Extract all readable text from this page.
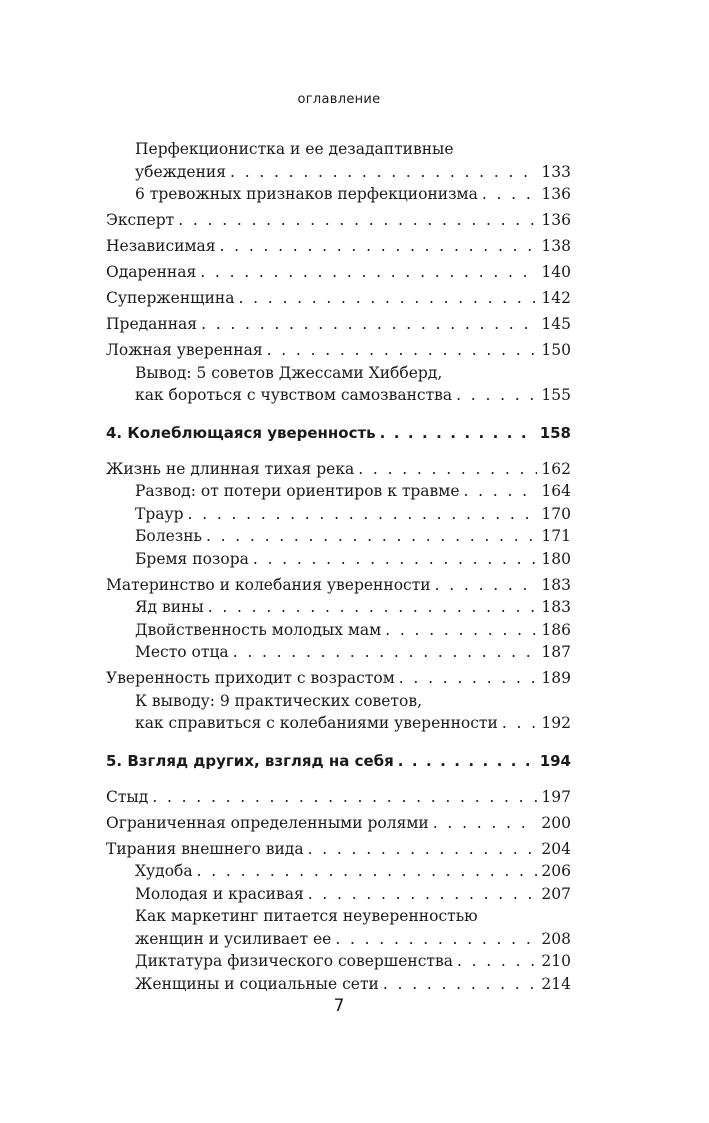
оглавление
Перфекционистка и ее дезадаптивные
убеждения . . .	133
6 тревожных признаков перфекционизма . . .	136
Эксперт . . .	136
Независимая . . .	138
Одаренная . . .	140
Суперженщина . . .	142
Преданная . . .	145
Ложная уверенная . . .	150
Вывод: 5 советов Джессами Хибберд,
как бороться с чувством самозванства . . .	155
4. Колеблющаяся уверенность . . .	158
Жизнь не длинная тихая река . . .	162
Развод: от потери ориентиров к травме . . .	164
Траур . . .	170
Болезнь . . .	171
Бремя позора . . .	180
Материнство и колебания уверенности . . .	183
Яд вины . . .	183
Двойственность молодых мам . . .	186
Место отца . . .	187
Уверенность приходит с возрастом . . .	189
К выводу: 9 практических советов,
как справиться с колебаниями уверенности . . .	192
5. Взгляд других, взгляд на себя . . .	194
Стыд . . .	197
Ограниченная определенными ролями . . .	200
Тирания внешнего вида . . .	204
Худоба . . .	206
Молодая и красивая . . .	207
Как маркетинг питается неуверенностью
женщин и усиливает ее . . .	208
Диктатура физического совершенства . . .	210
Женщины и социальные сети . . .	214
7
